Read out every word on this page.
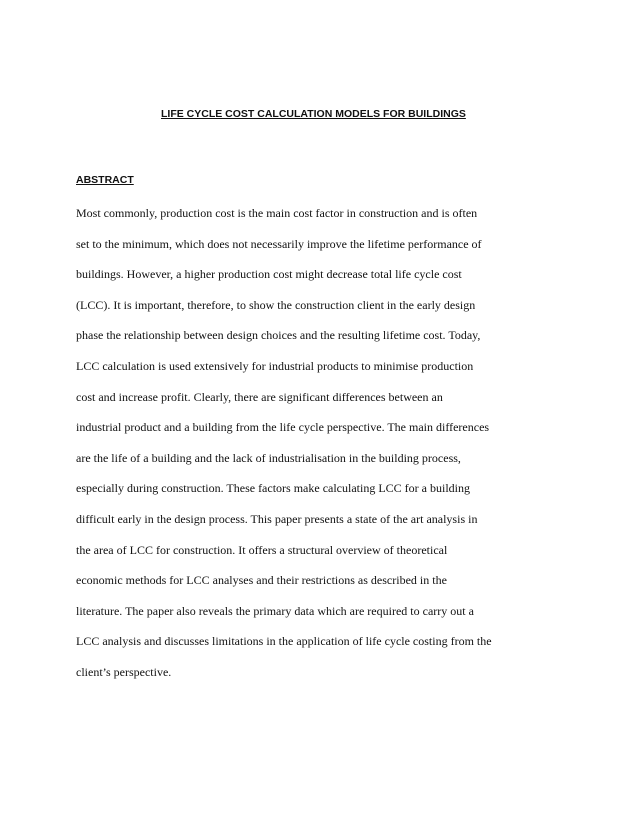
LIFE CYCLE COST CALCULATION MODELS FOR BUILDINGS
ABSTRACT
Most commonly, production cost is the main cost factor in construction and is often
set to the minimum, which does not necessarily improve the lifetime performance of
buildings. However, a higher production cost might decrease total life cycle cost
(LCC). It is important, therefore, to show the construction client in the early design
phase the relationship between design choices and the resulting lifetime cost. Today,
LCC calculation is used extensively for industrial products to minimise production
cost and increase profit. Clearly, there are significant differences between an
industrial product and a building from the life cycle perspective. The main differences
are the life of a building and the lack of industrialisation in the building process,
especially during construction. These factors make calculating LCC for a building
difficult early in the design process. This paper presents a state of the art analysis in
the area of LCC for construction. It offers a structural overview of theoretical
economic methods for LCC analyses and their restrictions as described in the
literature. The paper also reveals the primary data which are required to carry out a
LCC analysis and discusses limitations in the application of life cycle costing from the
client’s perspective.
